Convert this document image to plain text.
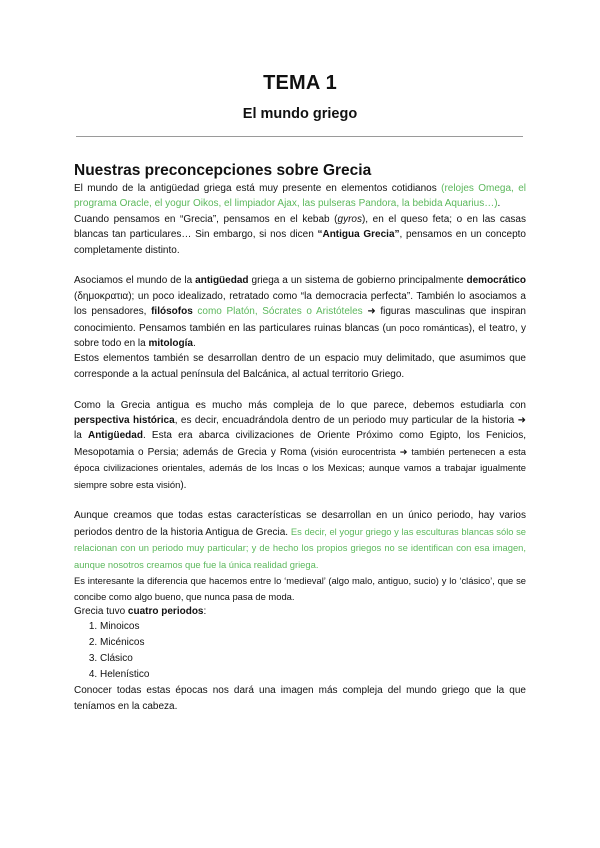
TEMA 1
El mundo griego

Nuestras preconcepciones sobre Grecia

El mundo de la antigüedad griega está muy presente en elementos cotidianos (relojes Omega, el programa Oracle, el yogur Oikos, el limpiador Ajax, las pulseras Pandora, la bebida Aquarius…).

Cuando pensamos en “Grecia”, pensamos en el kebab (gyros), en el queso feta; o en las casas blancas tan particulares… Sin embargo, si nos dicen “Antigua Grecia”, pensamos en un concepto completamente distinto.

Asociamos el mundo de la antigüedad griega a un sistema de gobierno principalmente democrático (δημοκρατια); un poco idealizado, retratado como “la democracia perfecta”. También lo asociamos a los pensadores, filósofos como Platón, Sócrates o Aristóteles ➜ figuras masculinas que inspiran conocimiento. Pensamos también en las particulares ruinas blancas (un poco románticas), el teatro, y sobre todo en la mitología.

Estos elementos también se desarrollan dentro de un espacio muy delimitado, que asumimos que corresponde a la actual península del Balcánica, al actual territorio Griego.

Como la Grecia antigua es mucho más compleja de lo que parece, debemos estudiarla con perspectiva histórica, es decir, encuadrándola dentro de un periodo muy particular de la historia ➜ la Antigüedad. Esta era abarca civilizaciones de Oriente Próximo como Egipto, los Fenicios, Mesopotamia o Persia; además de Grecia y Roma (visión eurocentrista ➜ también pertenecen a esta época civilizaciones orientales, además de los Incas o los Mexicas; aunque vamos a trabajar igualmente siempre sobre esta visión).

Aunque creamos que todas estas características se desarrollan en un único periodo, hay varios periodos dentro de la historia Antigua de Grecia. Es decir, el yogur griego y las esculturas blancas sólo se relacionan con un periodo muy particular; y de hecho los propios griegos no se identifican con esa imagen, aunque nosotros creamos que fue la única realidad griega.

Es interesante la diferencia que hacemos entre lo ‘medieval’ (algo malo, antiguo, sucio) y lo ‘clásico’, que se concibe como algo bueno, que nunca pasa de moda.

Grecia tuvo cuatro periodos:

1. Minoicos
2. Micénicos
3. Clásico
4. Helenístico

Conocer todas estas épocas nos dará una imagen más compleja del mundo griego que la que teníamos en la cabeza.
